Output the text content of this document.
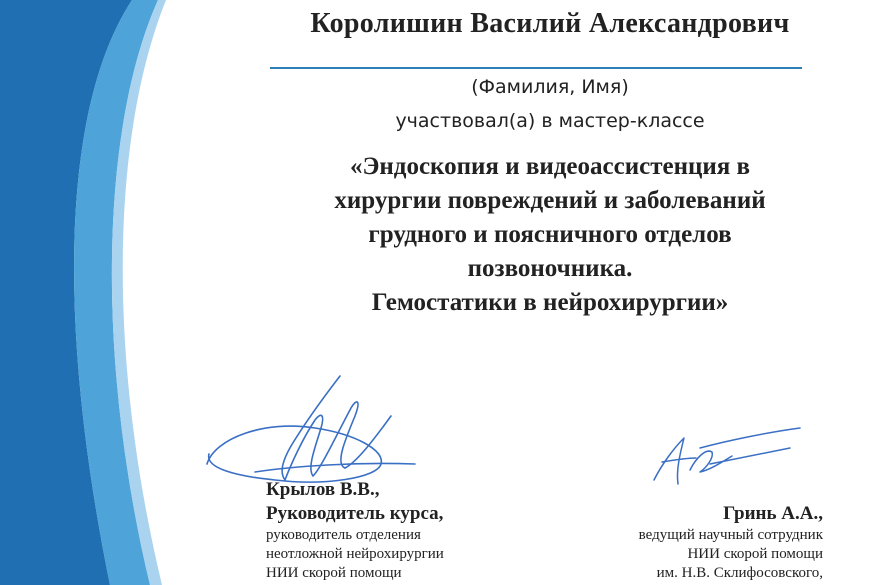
Королишин Василий Александрович
(Фамилия, Имя)
участвовал(а) в мастер-классе
«Эндоскопия и видеоассистенция в
хирургии повреждений и заболеваний
грудного и поясничного отделов
позвоночника.
Гемостатики в нейрохирургии»
Крылов В.В.,
Руководитель курса,
руководитель отделения
неотложной нейрохирургии
НИИ скорой помощи
Гринь А.А.,
ведущий научный сотрудник
НИИ скорой помощи
им. Н.В. Склифосовского,
